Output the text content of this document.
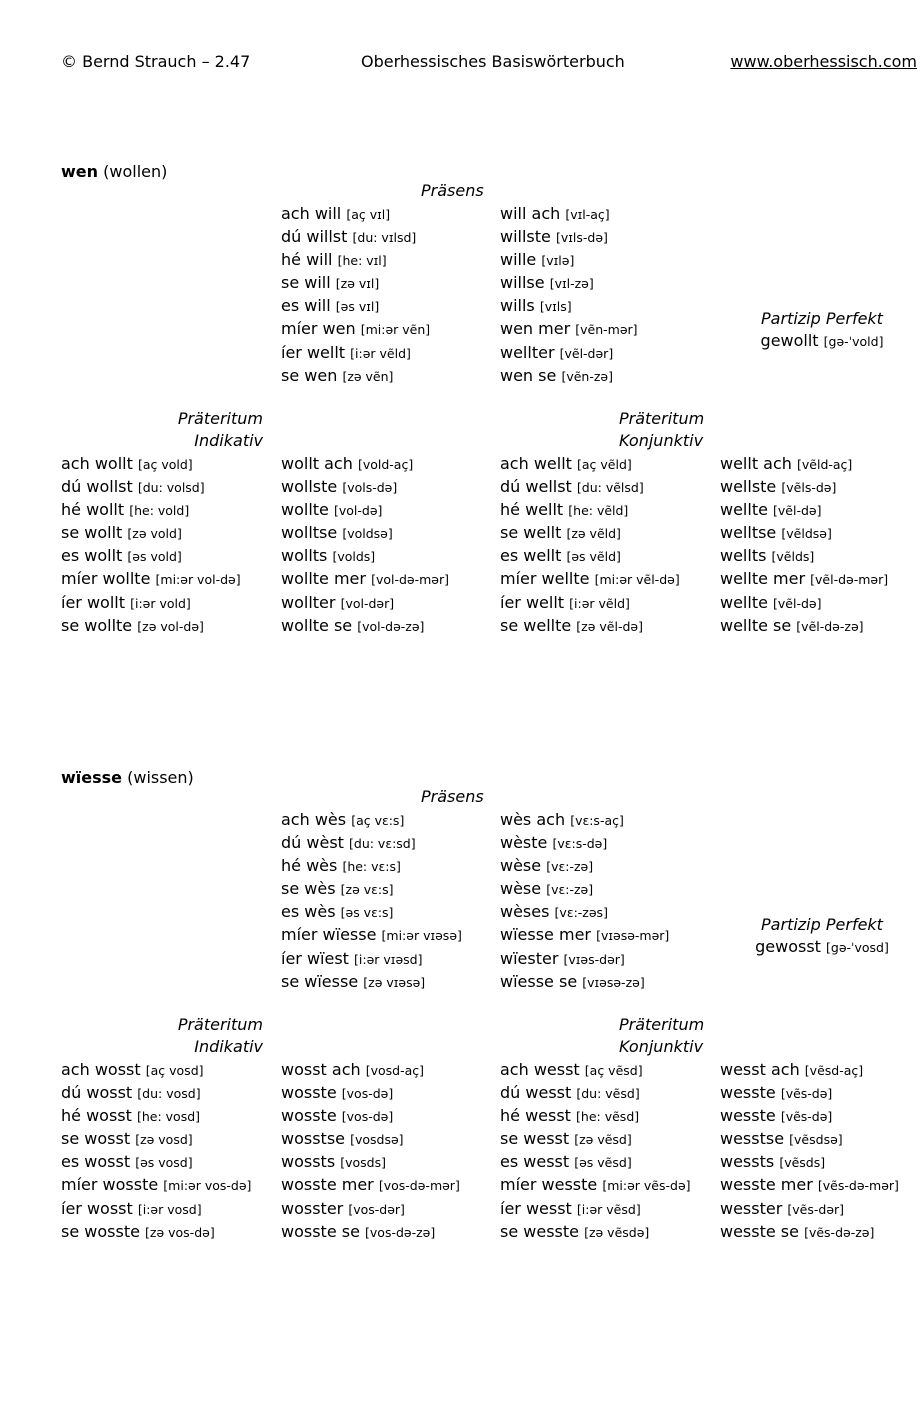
© Bernd Strauch – 2.47	Oberhessisches Basiswörterbuch	www.oberhessisch.com
wen (wollen)
Präsens
ach will [aç vɪl]
dú willst [du: vɪlsd]
hé will [he: vɪl]
se will [zə vɪl]
es will [əs vɪl]
míer wen [mi:ər vẽn]
íer wellt [i:ər vẽld]
se wen [zə vẽn]
will ach [vɪl-aç]
willste [vɪls-də]
wille [vɪlə]
willse [vɪl-zə]
wills [vɪls]
wen mer [vẽn-mər]
wellter [vẽl-dər]
wen se [vẽn-zə]
Partizip Perfekt
gewollt [gə-ˈvold]
Präteritum
Indikativ
Präteritum
Konjunktiv
ach wollt [aç vold]
dú wollst [du: volsd]
hé wollt [he: vold]
se wollt [zə vold]
es wollt [əs vold]
míer wollte [mi:ər vol-də]
íer wollt [i:ər vold]
se wollte [zə vol-də]
wollt ach [vold-aç]
wollste [vols-də]
wollte [vol-də]
wolltse [voldsə]
wollts [volds]
wollte mer [vol-də-mər]
wollter [vol-dər]
wollte se [vol-də-zə]
ach wellt [aç vẽld]
dú wellst [du: vẽlsd]
hé wellt [he: vẽld]
se wellt [zə vẽld]
es wellt [əs vẽld]
míer wellte [mi:ər vẽl-də]
íer wellt [i:ər vẽld]
se wellte [zə vẽl-də]
wellt ach [vẽld-aç]
wellste [vẽls-də]
wellte [vẽl-də]
welltse [vẽldsə]
wellts [vẽlds]
wellte mer [vẽl-də-mər]
wellte [vẽl-də]
wellte se [vẽl-də-zə]
wïesse (wissen)
Präsens
ach wès [aç vɛ:s]
dú wèst [du: vɛ:sd]
hé wès [he: vɛ:s]
se wès [zə vɛ:s]
es wès [əs vɛ:s]
míer wïesse [mi:ər vɪəsə]
íer wïest [i:ər vɪəsd]
se wïesse [zə vɪəsə]
wès ach [vɛ:s-aç]
wèste [vɛ:s-də]
wèse [vɛ:-zə]
wèse [vɛ:-zə]
wèses [vɛ:-zəs]
wïesse mer [vɪəsə-mər]
wïester [vɪəs-dər]
wïesse se [vɪəsə-zə]
Partizip Perfekt
gewosst [gə-ˈvosd]
Präteritum
Indikativ
Präteritum
Konjunktiv
ach wosst [aç vosd]
dú wosst [du: vosd]
hé wosst [he: vosd]
se wosst [zə vosd]
es wosst [əs vosd]
míer wosste [mi:ər vos-də]
íer wosst [i:ər vosd]
se wosste [zə vos-də]
wosst ach [vosd-aç]
wosste [vos-də]
wosste [vos-də]
wosstse [vosdsə]
wossts [vosds]
wosste mer [vos-də-mər]
wosster [vos-dər]
wosste se [vos-də-zə]
ach wesst [aç vẽsd]
dú wesst [du: vẽsd]
hé wesst [he: vẽsd]
se wesst [zə vẽsd]
es wesst [əs vẽsd]
míer wesste [mi:ər vẽs-də]
íer wesst [i:ər vẽsd]
se wesste [zə vẽsdə]
wesst ach [vẽsd-aç]
wesste [vẽs-də]
wesste [vẽs-də]
wesstse [vẽsdsə]
wessts [vẽsds]
wesste mer [vẽs-də-mər]
wesster [vẽs-dər]
wesste se [vẽs-də-zə]
